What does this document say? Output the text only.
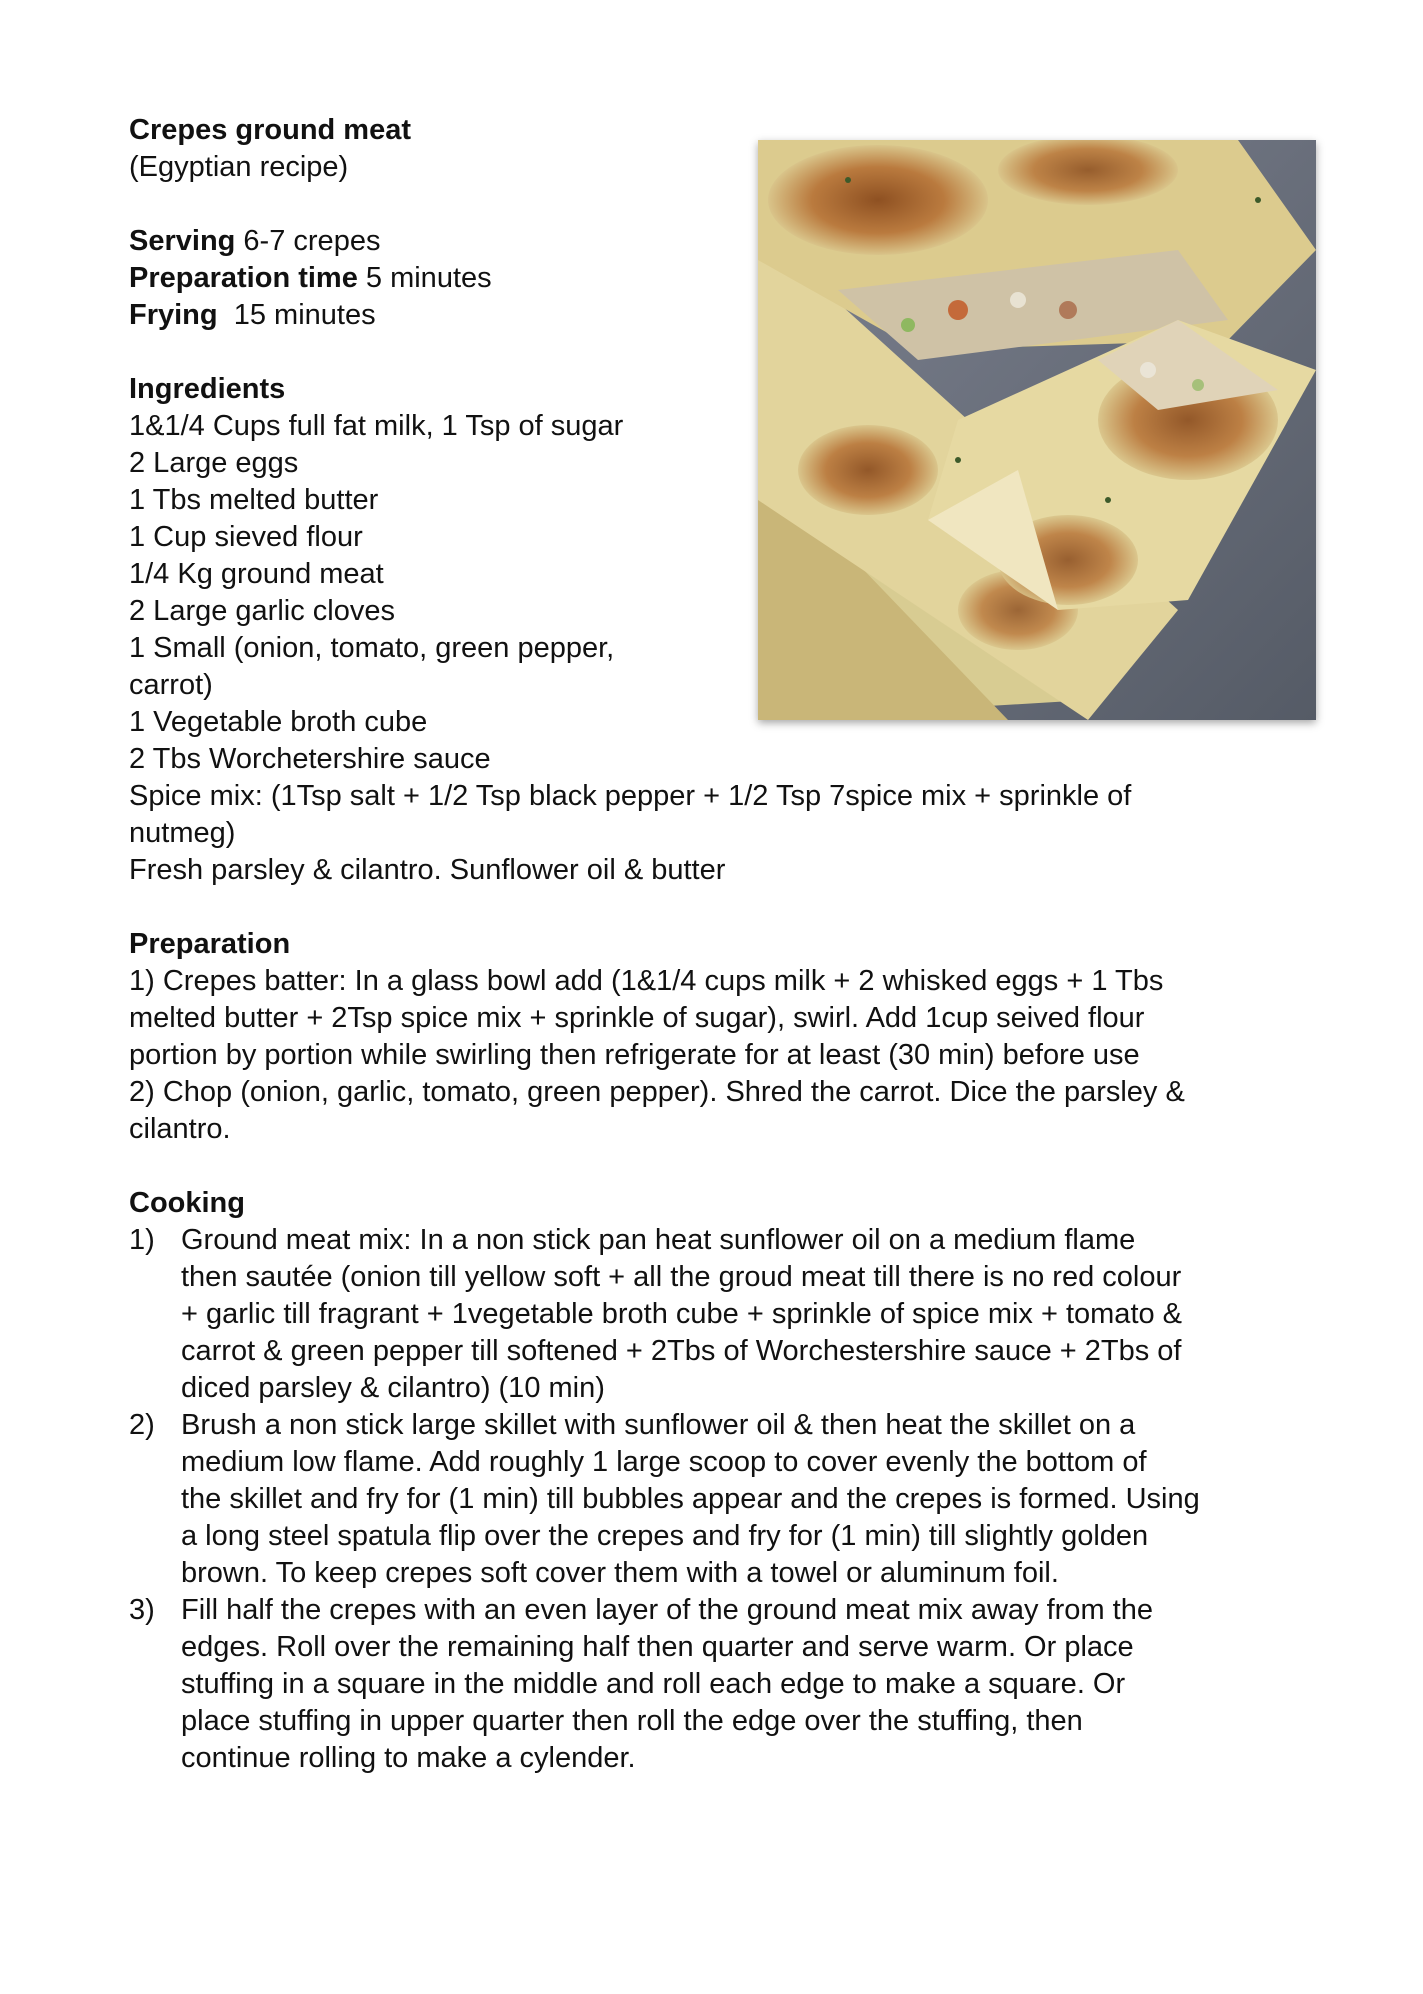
Crepes ground meat
(Egyptian recipe)
Serving 6-7 crepes
Preparation time 5 minutes
Frying  15 minutes
Ingredients
1&1/4 Cups full fat milk, 1 Tsp of sugar
2 Large eggs
1 Tbs melted butter
1 Cup sieved flour
1/4 Kg ground meat
2 Large garlic cloves
1 Small (onion, tomato, green pepper,
carrot)
1 Vegetable broth cube
2 Tbs Worchetershire sauce
Spice mix: (1Tsp salt + 1/2 Tsp black pepper + 1/2 Tsp 7spice mix + sprinkle of
nutmeg)
Fresh parsley & cilantro. Sunflower oil & butter
Preparation
1) Crepes batter: In a glass bowl add (1&1/4 cups milk + 2 whisked eggs + 1 Tbs
melted butter + 2Tsp spice mix + sprinkle of sugar), swirl. Add 1cup seived flour
portion by portion while swirling then refrigerate for at least (30 min) before use
2) Chop (onion, garlic, tomato, green pepper). Shred the carrot. Dice the parsley &
cilantro.
Cooking
1) Ground meat mix: In a non stick pan heat sunflower oil on a medium flame
then sautée (onion till yellow soft + all the groud meat till there is no red colour
+ garlic till fragrant + 1vegetable broth cube + sprinkle of spice mix + tomato &
carrot & green pepper till softened + 2Tbs of Worchestershire sauce + 2Tbs of
diced parsley & cilantro) (10 min)
2) Brush a non stick large skillet with sunflower oil & then heat the skillet on a
medium low flame. Add roughly 1 large scoop to cover evenly the bottom of
the skillet and fry for (1 min) till bubbles appear and the crepes is formed. Using
a long steel spatula flip over the crepes and fry for (1 min) till slightly golden
brown. To keep crepes soft cover them with a towel or aluminum foil.
3) Fill half the crepes with an even layer of the ground meat mix away from the
edges. Roll over the remaining half then quarter and serve warm. Or place
stuffing in a square in the middle and roll each edge to make a square. Or
place stuffing in upper quarter then roll the edge over the stuffing, then
continue rolling to make a cylender.
